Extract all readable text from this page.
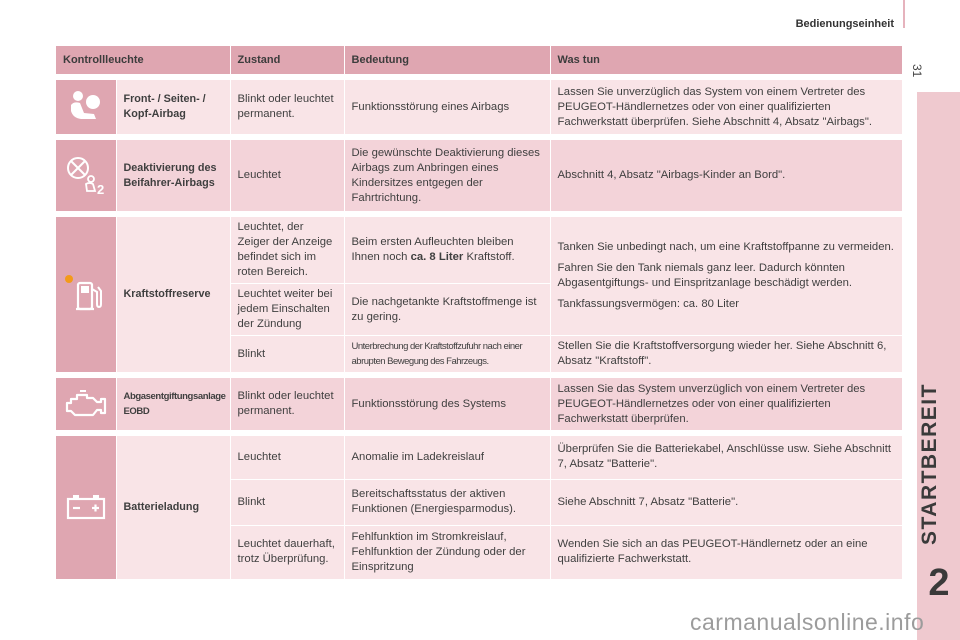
Bedienungseinheit
31
STARTBEREIT
2
Kontrollleuchte		Zustand	Bedeutung	Was tun

	Front- / Seiten- / Kopf-Airbag	Blinkt oder leuchtet permanent.	Funktionsstörung eines Airbags	Lassen Sie unverzüglich das System von einem Vertreter des PEUGEOT-Händlernetzes oder von einer qualifizierten Fachwerkstatt überprüfen. Siehe Abschnitt 4, Absatz "Airbags".

2	Deaktivierung des Beifahrer-Airbags	Leuchtet	Die gewünschte Deaktivierung dieses Airbags zum Anbringen eines Kindersitzes entgegen der Fahrtrichtung.	Abschnitt 4, Absatz "Airbags-Kinder an Bord".

	Kraftstoffreserve	Leuchtet, der Zeiger der Anzeige befindet sich im roten Bereich.	Beim ersten Aufleuchten bleiben Ihnen noch ca. 8 Liter Kraftstoff.	Tanken Sie unbedingt nach, um eine Kraftstoffpanne zu vermeiden.

Fahren Sie den Tank niemals ganz leer. Dadurch könnten Abgasentgiftungs- und Einspritzanlage beschädigt werden.

Tankfassungsvermögen: ca. 80 Liter

		Leuchtet weiter bei jedem Einschalten der Zündung	Die nachgetankte Kraftstoffmenge ist zu gering.	
		Blinkt	Unterbrechung der Kraftstoffzufuhr nach einer abrupten Bewegung des Fahrzeugs.	Stellen Sie die Kraftstoffversorgung wieder her. Siehe Abschnitt 6, Absatz "Kraftstoff".

	Abgasentgiftungsanlage EOBD	Blinkt oder leuchtet permanent.	Funktionsstörung des Systems	Lassen Sie das System unverzüglich von einem Vertreter des PEUGEOT-Händlernetzes oder von einer qualifizierten Fachwerkstatt überprüfen.

	Batterieladung	Leuchtet	Anomalie im Ladekreislauf	Überprüfen Sie die Batteriekabel, Anschlüsse usw. Siehe Abschnitt 7, Absatz "Batterie".
		Blinkt	Bereitschaftsstatus der aktiven Funktionen (Energiesparmodus).	Siehe Abschnitt 7, Absatz "Batterie".
		Leuchtet dauerhaft, trotz Überprüfung.	Fehlfunktion im Stromkreislauf, Fehlfunktion der Zündung oder der Einspritzung	Wenden Sie sich an das PEUGEOT-Händlernetz oder an eine qualifizierte Fachwerkstatt.
carmanualsonline.info
